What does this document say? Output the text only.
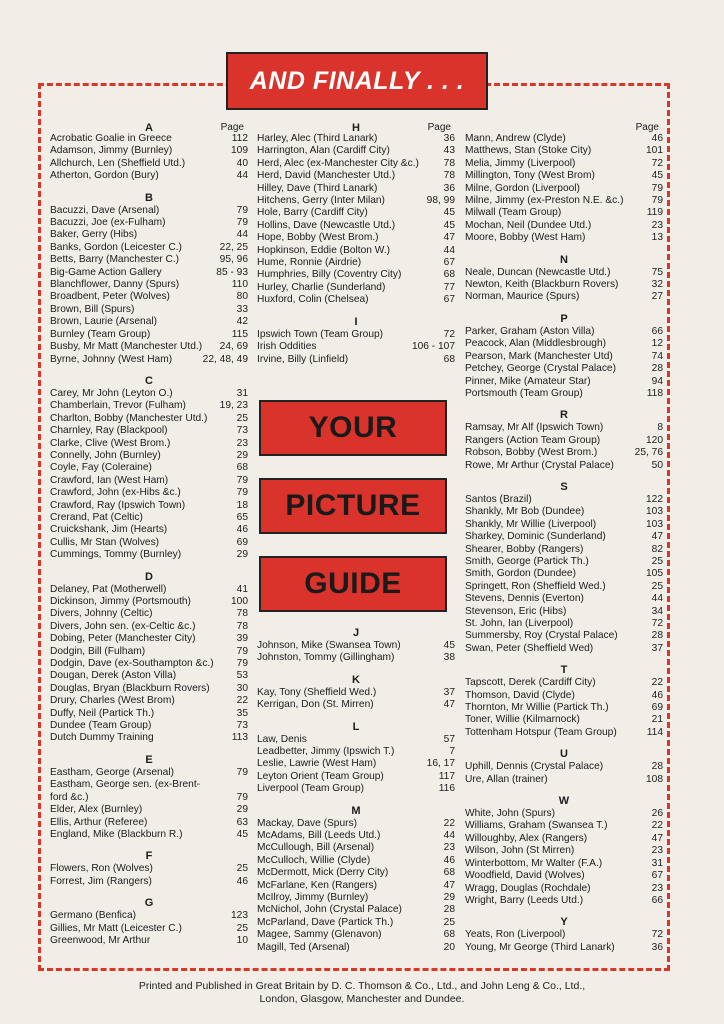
AND FINALLY . . .
A	Page
Acrobatic Goalie in Greece	112
Adamson, Jimmy (Burnley)	109
Allchurch, Len (Sheffield Utd.)	40
Atherton, Gordon (Bury)	44
B
Bacuzzi, Dave (Arsenal)	79
Bacuzzi, Joe (ex-Fulham)	79
Baker, Gerry (Hibs)	44
Banks, Gordon (Leicester C.)	22, 25
Betts, Barry (Manchester C.)	95, 96
Big-Game Action Gallery	85 - 93
Blanchflower, Danny (Spurs)	110
Broadbent, Peter (Wolves)	80
Brown, Bill (Spurs)	33
Brown, Laurie (Arsenal)	42
Burnley (Team Group)	115
Busby, Mr Matt (Manchester Utd.)	24, 69
Byrne, Johnny (West Ham)	22, 48, 49
C
Carey, Mr John (Leyton O.)	31
Chamberlain, Trevor (Fulham)	19, 23
Charlton, Bobby (Manchester Utd.)	25
Charnley, Ray (Blackpool)	73
Clarke, Clive (West Brom.)	23
Connelly, John (Burnley)	29
Coyle, Fay (Coleraine)	68
Crawford, Ian (West Ham)	79
Crawford, John (ex-Hibs &c.)	79
Crawford, Ray (Ipswich Town)	18
Crerand, Pat (Celtic)	65
Cruickshank, Jim (Hearts)	46
Cullis, Mr Stan (Wolves)	69
Cummings, Tommy (Burnley)	29
D
Delaney, Pat (Motherwell)	41
Dickinson, Jimmy (Portsmouth)	100
Divers, Johnny (Celtic)	78
Divers, John sen. (ex-Celtic &c.)	78
Dobing, Peter (Manchester City)	39
Dodgin, Bill (Fulham)	79
Dodgin, Dave (ex-Southampton &c.)	79
Dougan, Derek (Aston Villa)	53
Douglas, Bryan (Blackburn Rovers)	30
Drury, Charles (West Brom)	22
Duffy, Neil (Partick Th.)	35
Dundee (Team Group)	73
Dutch Dummy Training	113
E
Eastham, George (Arsenal)	79
Eastham, George sen. (ex-Brent-
ford &c.)	79
Elder, Alex (Burnley)	29
Ellis, Arthur (Referee)	63
England, Mike (Blackburn R.)	45
F
Flowers, Ron (Wolves)	25
Forrest, Jim (Rangers)	46
G
Germano (Benfica)	123
Gillies, Mr Matt (Leicester C.)	25
Greenwood, Mr Arthur	10
H	Page
Harley, Alec (Third Lanark)	36
Harrington, Alan (Cardiff City)	43
Herd, Alec (ex-Manchester City &c.)	78
Herd, David (Manchester Utd.)	78
Hilley, Dave (Third Lanark)	36
Hitchens, Gerry (Inter Milan)	98, 99
Hole, Barry (Cardiff City)	45
Hollins, Dave (Newcastle Utd.)	45
Hope, Bobby (West Brom.)	47
Hopkinson, Eddie (Bolton W.)	44
Hume, Ronnie (Airdrie)	67
Humphries, Billy (Coventry City)	68
Hurley, Charlie (Sunderland)	77
Huxford, Colin (Chelsea)	67
I
Ipswich Town (Team Group)	72
Irish Oddities	106 - 107
Irvine, Billy (Linfield)	68
YOUR
PICTURE
GUIDE
J
Johnson, Mike (Swansea Town)	45
Johnston, Tommy (Gillingham)	38
K
Kay, Tony (Sheffield Wed.)	37
Kerrigan, Don (St. Mirren)	47
L
Law, Denis	57
Leadbetter, Jimmy (Ipswich T.)	7
Leslie, Lawrie (West Ham)	16, 17
Leyton Orient (Team Group)	117
Liverpool (Team Group)	116
M
Mackay, Dave (Spurs)	22
McAdams, Bill (Leeds Utd.)	44
McCullough, Bill (Arsenal)	23
McCulloch, Willie (Clyde)	46
McDermott, Mick (Derry City)	68
McFarlane, Ken (Rangers)	47
McIlroy, Jimmy (Burnley)	29
McNichol, John (Crystal Palace)	28
McParland, Dave (Partick Th.)	25
Magee, Sammy (Glenavon)	68
Magill, Ted (Arsenal)	20
Page
Mann, Andrew (Clyde)	46
Matthews, Stan (Stoke City)	101
Melia, Jimmy (Liverpool)	72
Millington, Tony (West Brom)	45
Milne, Gordon (Liverpool)	79
Milne, Jimmy (ex-Preston N.E. &c.)	79
Milwall (Team Group)	119
Mochan, Neil (Dundee Utd.)	23
Moore, Bobby (West Ham)	13
N
Neale, Duncan (Newcastle Utd.)	75
Newton, Keith (Blackburn Rovers)	32
Norman, Maurice (Spurs)	27
P
Parker, Graham (Aston Villa)	66
Peacock, Alan (Middlesbrough)	12
Pearson, Mark (Manchester Utd)	74
Petchey, George (Crystal Palace)	28
Pinner, Mike (Amateur Star)	94
Portsmouth (Team Group)	118
R
Ramsay, Mr Alf (Ipswich Town)	8
Rangers (Action Team Group)	120
Robson, Bobby (West Brom.)	25, 76
Rowe, Mr Arthur (Crystal Palace)	50
S
Santos (Brazil)	122
Shankly, Mr Bob (Dundee)	103
Shankly, Mr Willie (Liverpool)	103
Sharkey, Dominic (Sunderland)	47
Shearer, Bobby (Rangers)	82
Smith, George (Partick Th.)	25
Smith, Gordon (Dundee)	105
Springett, Ron (Sheffield Wed.)	25
Stevens, Dennis (Everton)	44
Stevenson, Eric (Hibs)	34
St. John, Ian (Liverpool)	72
Summersby, Roy (Crystal Palace)	28
Swan, Peter (Sheffield Wed)	37
T
Tapscott, Derek (Cardiff City)	22
Thomson, David (Clyde)	46
Thornton, Mr Willie (Partick Th.)	69
Toner, Willie (Kilmarnock)	21
Tottenham Hotspur (Team Group)	114
U
Uphill, Dennis (Crystal Palace)	28
Ure, Allan (trainer)	108
W
White, John (Spurs)	26
Williams, Graham (Swansea T.)	22
Willoughby, Alex (Rangers)	47
Wilson, John (St Mirren)	23
Winterbottom, Mr Walter (F.A.)	31
Woodfield, David (Wolves)	67
Wragg, Douglas (Rochdale)	23
Wright, Barry (Leeds Utd.)	66
Y
Yeats, Ron (Liverpool)	72
Young, Mr George (Third Lanark)	36
Printed and Published in Great Britain by D. C. Thomson & Co., Ltd., and John Leng & Co., Ltd.,
London, Glasgow, Manchester and Dundee.
